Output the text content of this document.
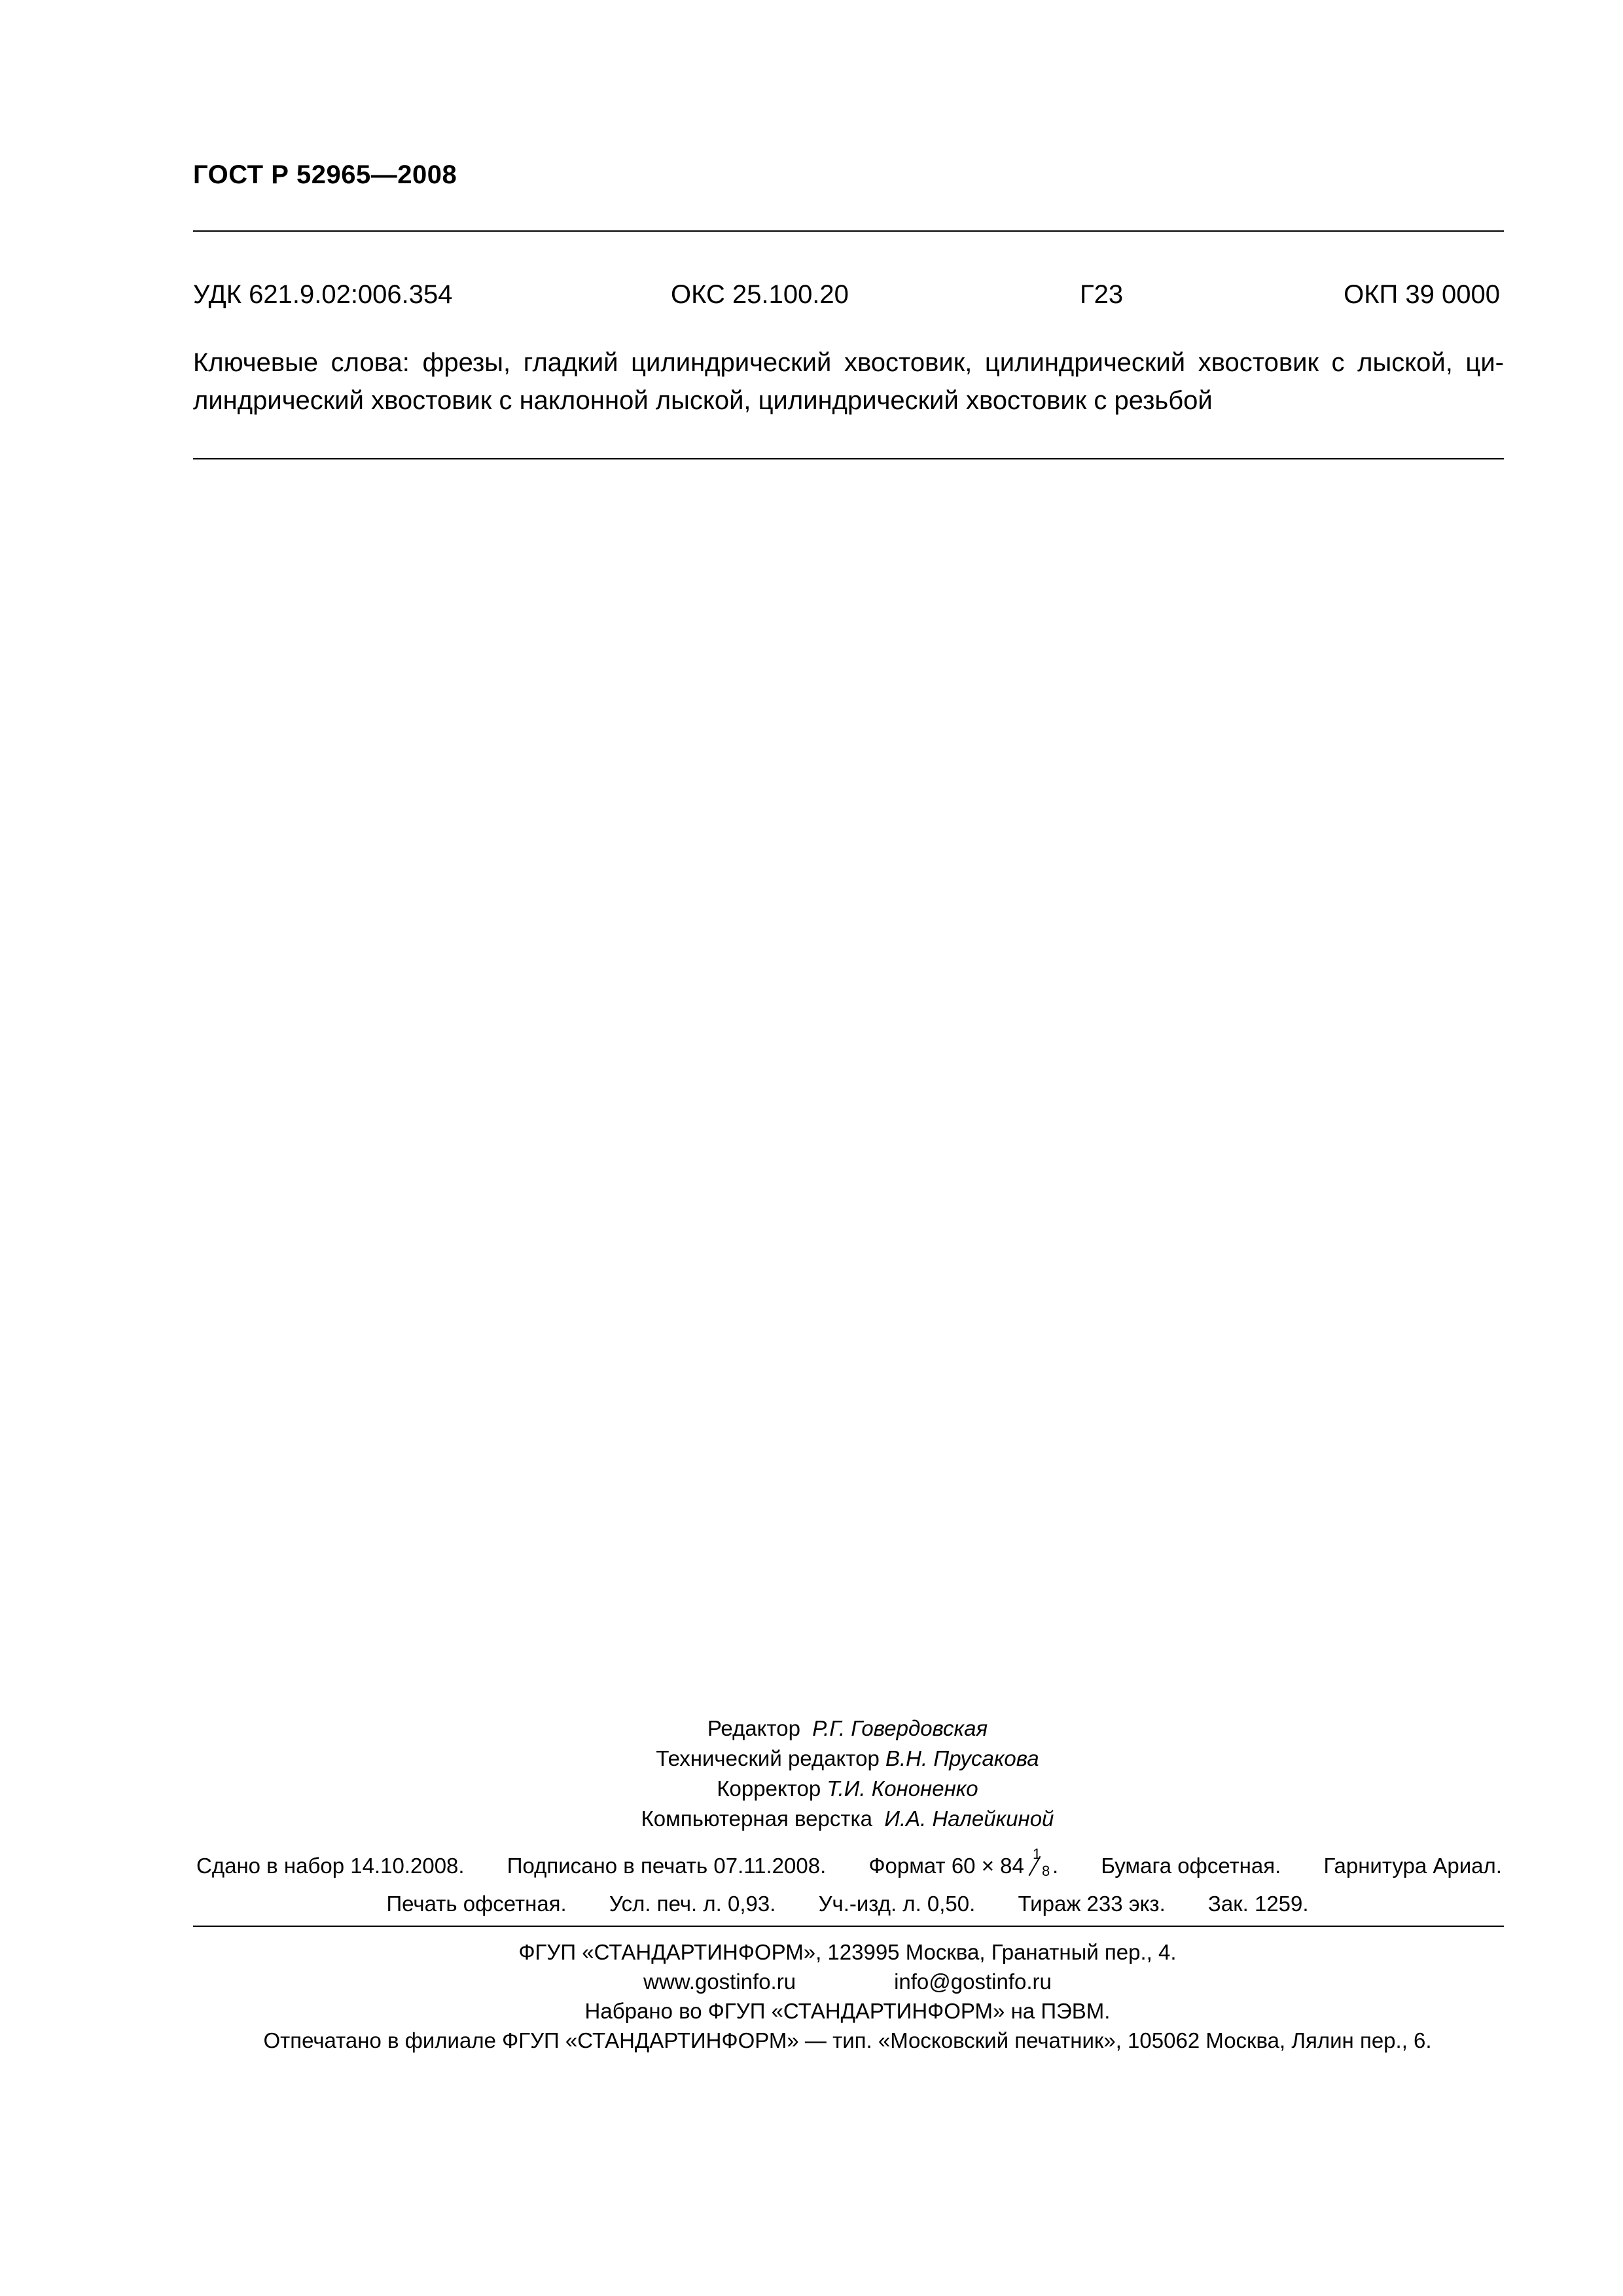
ГОСТ Р 52965—2008
УДК 621.9.02:006.354	ОКС 25.100.20	Г23	ОКП 39 0000
Ключевые слова: фрезы, гладкий цилиндрический хвостовик, цилиндрический хвостовик с лыской, ци-
линдрический хвостовик с наклонной лыской, цилиндрический хвостовик с резьбой
Редактор Р.Г. Говердовская
Технический редактор В.Н. Прусакова
Корректор Т.И. Кононенко
Компьютерная верстка И.А. Налейкиной
Сдано в набор 14.10.2008. Подписано в печать 07.11.2008. Формат 60 × 84 1
8 . Бумага офсетная. Гарнитура Ариал.
Печать офсетная. Усл. печ. л. 0,93. Уч.-изд. л. 0,50. Тираж 233 экз. Зак. 1259.
ФГУП «СТАНДАРТИНФОРМ», 123995 Москва, Гранатный пер., 4.
www.gostinfo.ru	info@gostinfo.ru
Набрано во ФГУП «СТАНДАРТИНФОРМ» на ПЭВМ.
Отпечатано в филиале ФГУП «СТАНДАРТИНФОРМ» — тип. «Московский печатник», 105062 Москва, Лялин пер., 6.
